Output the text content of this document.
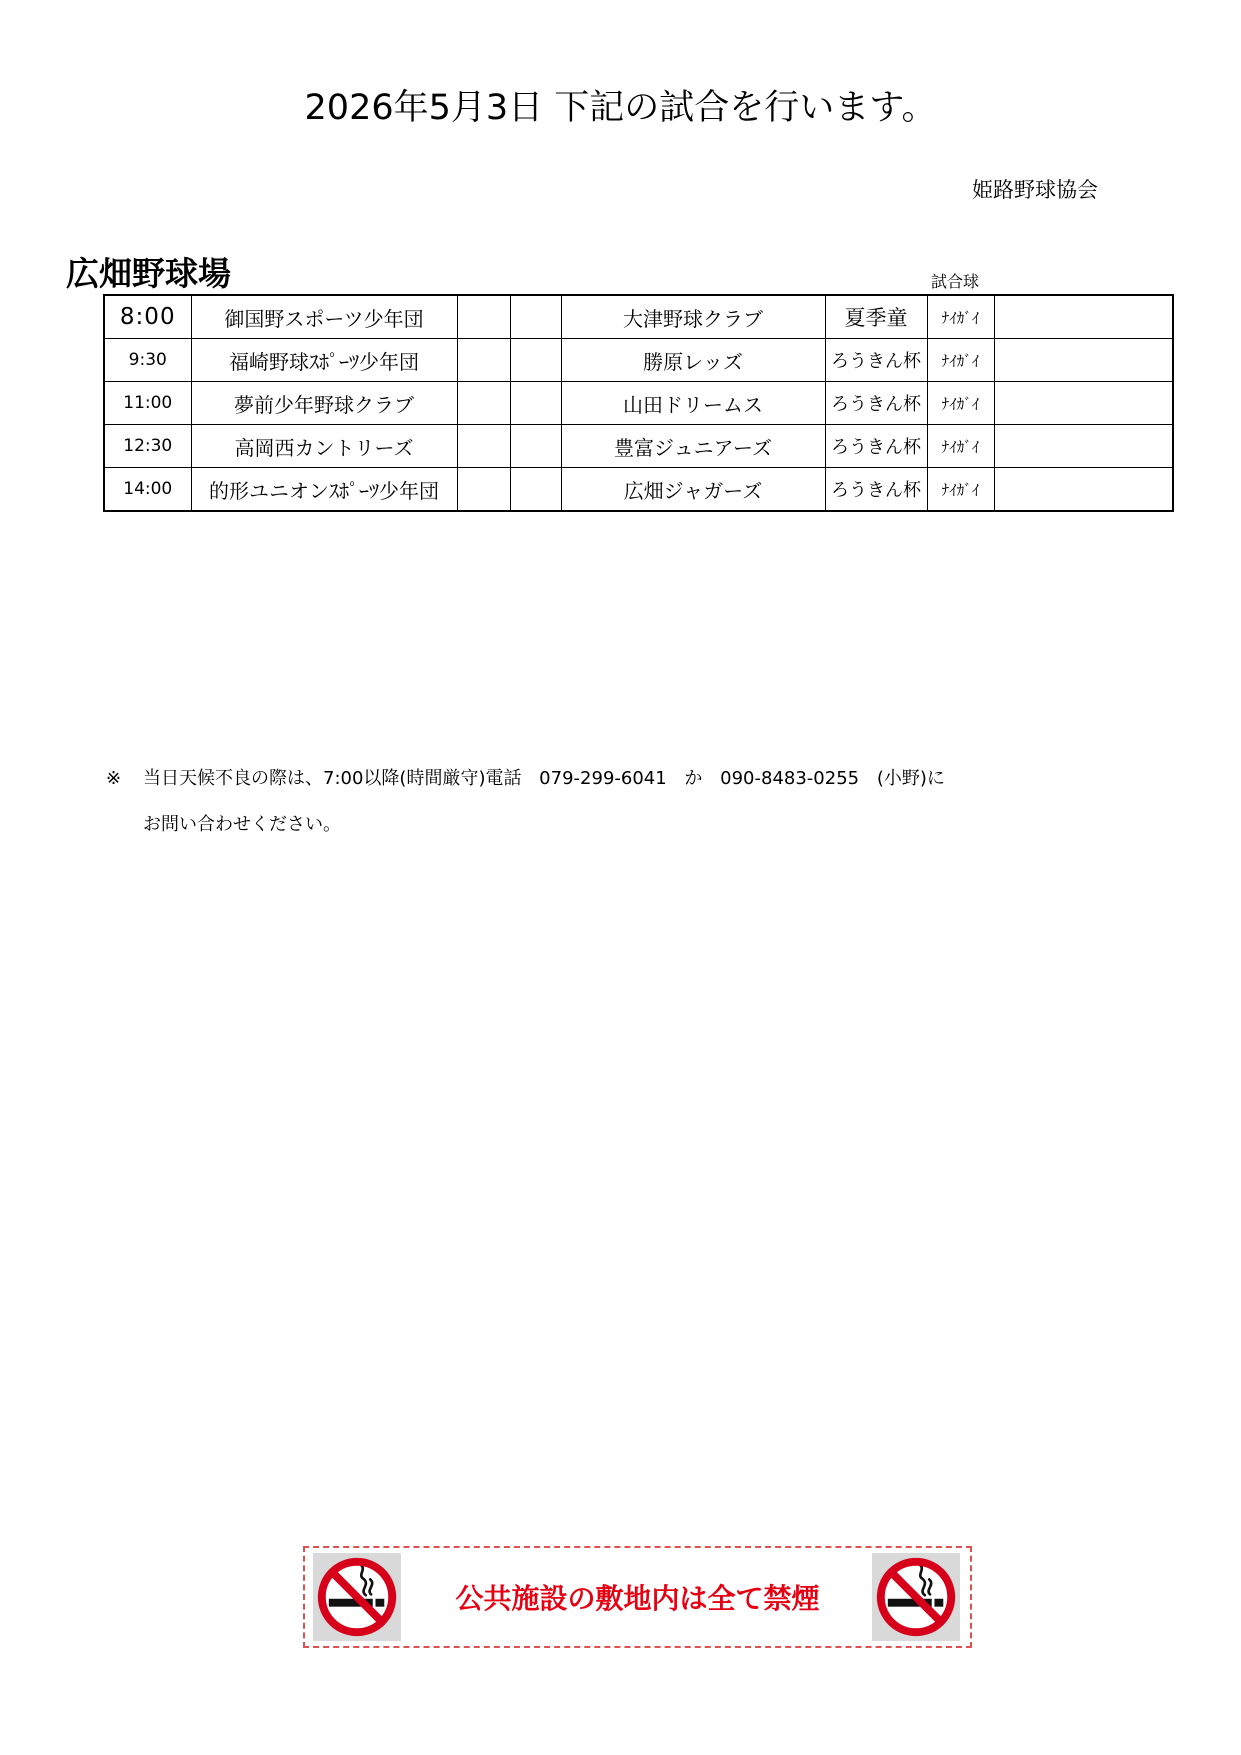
2026年5月3日 下記の試合を行います。
姫路野球協会
広畑野球場	試合球
8:00	御国野スポーツ少年団			大津野球クラブ	夏季童	ﾅｲｶﾞｲ	
9:30	福崎野球ｽﾎﾟｰﾂ少年団			勝原レッズ	ろうきん杯	ﾅｲｶﾞｲ	
11:00	夢前少年野球クラブ			山田ドリームス	ろうきん杯	ﾅｲｶﾞｲ	
12:30	高岡西カントリーズ			豊富ジュニアーズ	ろうきん杯	ﾅｲｶﾞｲ	
14:00	的形ユニオンｽﾎﾟｰﾂ少年団			広畑ジャガーズ	ろうきん杯	ﾅｲｶﾞｲ	
※ 当日天候不良の際は、7:00以降(時間厳守)電話 079-299-6041 か 090-8483-0255 (小野)に
お問い合わせください。
公共施設の敷地内は全て禁煙
